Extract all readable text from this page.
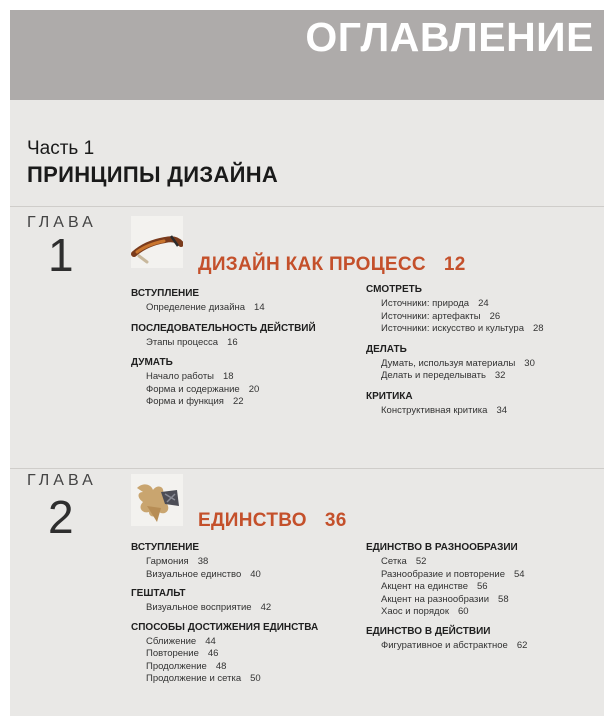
ОГЛАВЛЕНИЕ
Часть 1
ПРИНЦИПЫ ДИЗАЙНА
ГЛАВА
1	ДИЗАЙН КАК ПРОЦЕСС 12
ВСТУПЛЕНИЕ
Определение дизайна 14
ПОСЛЕДОВАТЕЛЬНОСТЬ ДЕЙСТВИЙ
Этапы процесса 16
ДУМАТЬ
Начало работы 18
Форма и содержание 20
Форма и функция 22
СМОТРЕТЬ
Источники: природа 24
Источники: артефакты 26
Источники: искусство и культура 28
ДЕЛАТЬ
Думать, используя материалы 30
Делать и переделывать 32
КРИТИКА
Конструктивная критика 34
ГЛАВА
2	ЕДИНСТВО 36
ВСТУПЛЕНИЕ
Гармония 38
Визуальное единство 40
ГЕШТАЛЬТ
Визуальное восприятие 42
СПОСОБЫ ДОСТИЖЕНИЯ ЕДИНСТВА
Сближение 44
Повторение 46
Продолжение 48
Продолжение и сетка 50
ЕДИНСТВО В РАЗНООБРАЗИИ
Сетка 52
Разнообразие и повторение 54
Акцент на единстве 56
Акцент на разнообразии 58
Хаос и порядок 60
ЕДИНСТВО В ДЕЙСТВИИ
Фигуративное и абстрактное 62
